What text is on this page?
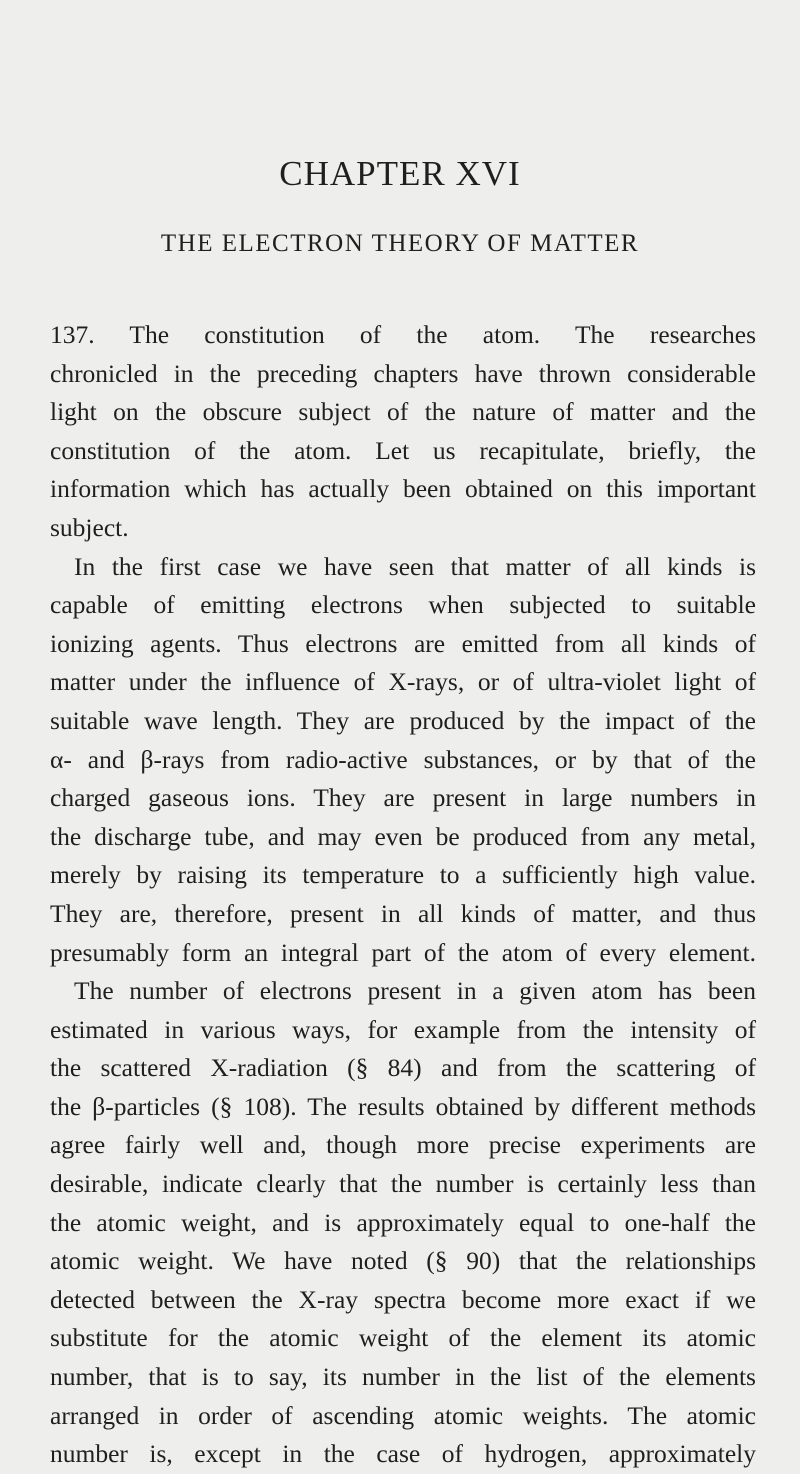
CHAPTER XVI
THE ELECTRON THEORY OF MATTER

137. The constitution of the atom. The researches
chronicled in the preceding chapters have thrown considerable
light on the obscure subject of the nature of matter and the
constitution of the atom. Let us recapitulate, briefly, the
information which has actually been obtained on this important
subject.

In the first case we have seen that matter of all kinds is
capable of emitting electrons when subjected to suitable
ionizing agents. Thus electrons are emitted from all kinds of
matter under the influence of X-rays, or of ultra-violet light of
suitable wave length. They are produced by the impact of the
α- and β-rays from radio-active substances, or by that of the
charged gaseous ions. They are present in large numbers in
the discharge tube, and may even be produced from any metal,
merely by raising its temperature to a sufficiently high value.
They are, therefore, present in all kinds of matter, and thus
presumably form an integral part of the atom of every element.

The number of electrons present in a given atom has been
estimated in various ways, for example from the intensity of
the scattered X-radiation (§ 84) and from the scattering of
the β-particles (§ 108). The results obtained by different methods
agree fairly well and, though more precise experiments are
desirable, indicate clearly that the number is certainly less than
the atomic weight, and is approximately equal to one-half the
atomic weight. We have noted (§ 90) that the relationships
detected between the X-ray spectra become more exact if we
substitute for the atomic weight of the element its atomic
number, that is to say, its number in the list of the elements
arranged in order of ascending atomic weights. The atomic
number is, except in the case of hydrogen, approximately
